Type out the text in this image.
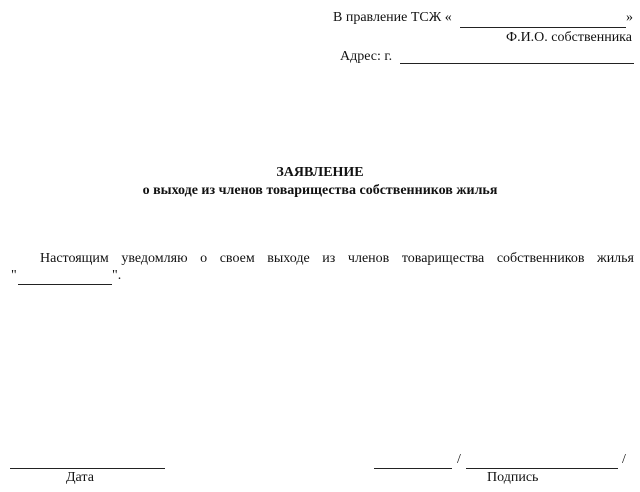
В правление ТСЖ «	»
Ф.И.О. собственника
Адрес: г.
ЗАЯВЛЕНИЕ
о выходе из членов товарищества собственников жилья
Настоящим уведомляю о своем выходе из членов товарищества собственников жилья
"	".
Дата
/	/
Подпись
